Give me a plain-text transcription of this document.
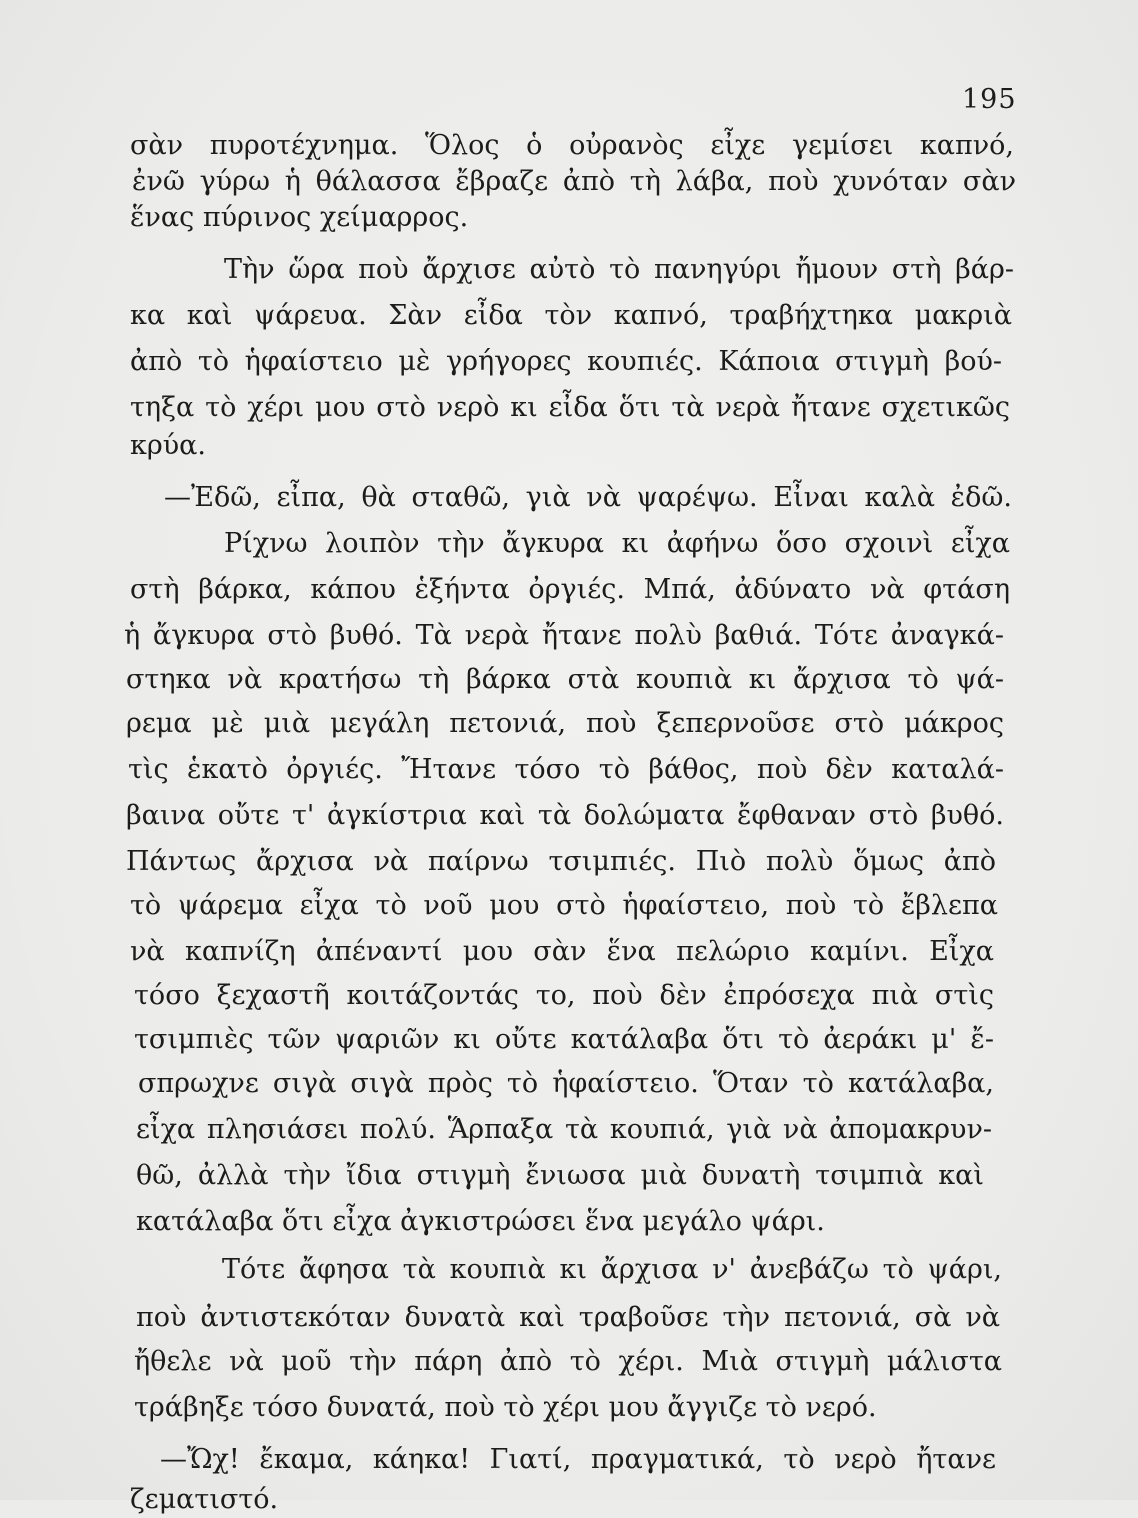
195
σὰν πυροτέχνημα. Ὅλος ὁ οὐρανὸς εἶχε γεμίσει καπνό,
ἐνῶ γύρω ἡ θάλασσα ἔβραζε ἀπὸ τὴ λάβα, ποὺ χυνόταν σὰν
ἕνας πύρινος χείμαρρος.
Τὴν ὥρα ποὺ ἄρχισε αὐτὸ τὸ πανηγύρι ἤμουν στὴ βάρ-
κα καὶ ψάρευα. Σὰν εἶδα τὸν καπνό, τραβήχτηκα μακριὰ
ἀπὸ τὸ ἡφαίστειο μὲ γρήγορες κουπιές. Κάποια στιγμὴ βού-
τηξα τὸ χέρι μου στὸ νερὸ κι εἶδα ὅτι τὰ νερὰ ἤτανε σχετικῶς
κρύα.
—Ἐδῶ, εἶπα, θὰ σταθῶ, γιὰ νὰ ψαρέψω. Εἶναι καλὰ ἐδῶ.
Ρίχνω λοιπὸν τὴν ἄγκυρα κι ἀφήνω ὅσο σχοινὶ εἶχα
στὴ βάρκα, κάπου ἑξήντα ὀργιές. Μπά, ἀδύνατο νὰ φτάση
ἡ ἄγκυρα στὸ βυθό. Τὰ νερὰ ἤτανε πολὺ βαθιά. Τότε ἀναγκά-
στηκα νὰ κρατήσω τὴ βάρκα στὰ κουπιὰ κι ἄρχισα τὸ ψά-
ρεμα μὲ μιὰ μεγάλη πετονιά, ποὺ ξεπερνοῦσε στὸ μάκρος
τὶς ἑκατὸ ὀργιές. Ἤτανε τόσο τὸ βάθος, ποὺ δὲν καταλά-
βαινα οὔτε τ' ἀγκίστρια καὶ τὰ δολώματα ἔφθαναν στὸ βυθό.
Πάντως ἄρχισα νὰ παίρνω τσιμπιές. Πιὸ πολὺ ὅμως ἀπὸ
τὸ ψάρεμα εἶχα τὸ νοῦ μου στὸ ἡφαίστειο, ποὺ τὸ ἔβλεπα
νὰ καπνίζη ἀπέναντί μου σὰν ἕνα πελώριο καμίνι. Εἶχα
τόσο ξεχαστῆ κοιτάζοντάς το, ποὺ δὲν ἐπρόσεχα πιὰ στὶς
τσιμπιὲς τῶν ψαριῶν κι οὔτε κατάλαβα ὅτι τὸ ἀεράκι μ' ἔ-
σπρωχνε σιγὰ σιγὰ πρὸς τὸ ἡφαίστειο. Ὅταν τὸ κατάλαβα,
εἶχα πλησιάσει πολύ. Ἅρπαξα τὰ κουπιά, γιὰ νὰ ἀπομακρυν-
θῶ, ἀλλὰ τὴν ἴδια στιγμὴ ἔνιωσα μιὰ δυνατὴ τσιμπιὰ καὶ
κατάλαβα ὅτι εἶχα ἀγκιστρώσει ἕνα μεγάλο ψάρι.
Τότε ἄφησα τὰ κουπιὰ κι ἄρχισα ν' ἀνεβάζω τὸ ψάρι,
ποὺ ἀντιστεκόταν δυνατὰ καὶ τραβοῦσε τὴν πετονιά, σὰ νὰ
ἤθελε νὰ μοῦ τὴν πάρη ἀπὸ τὸ χέρι. Μιὰ στιγμὴ μάλιστα
τράβηξε τόσο δυνατά, ποὺ τὸ χέρι μου ἄγγιζε τὸ νερό.
—Ὤχ! ἔκαμα, κάηκα! Γιατί, πραγματικά, τὸ νερὸ ἤτανε
ζεματιστό.
